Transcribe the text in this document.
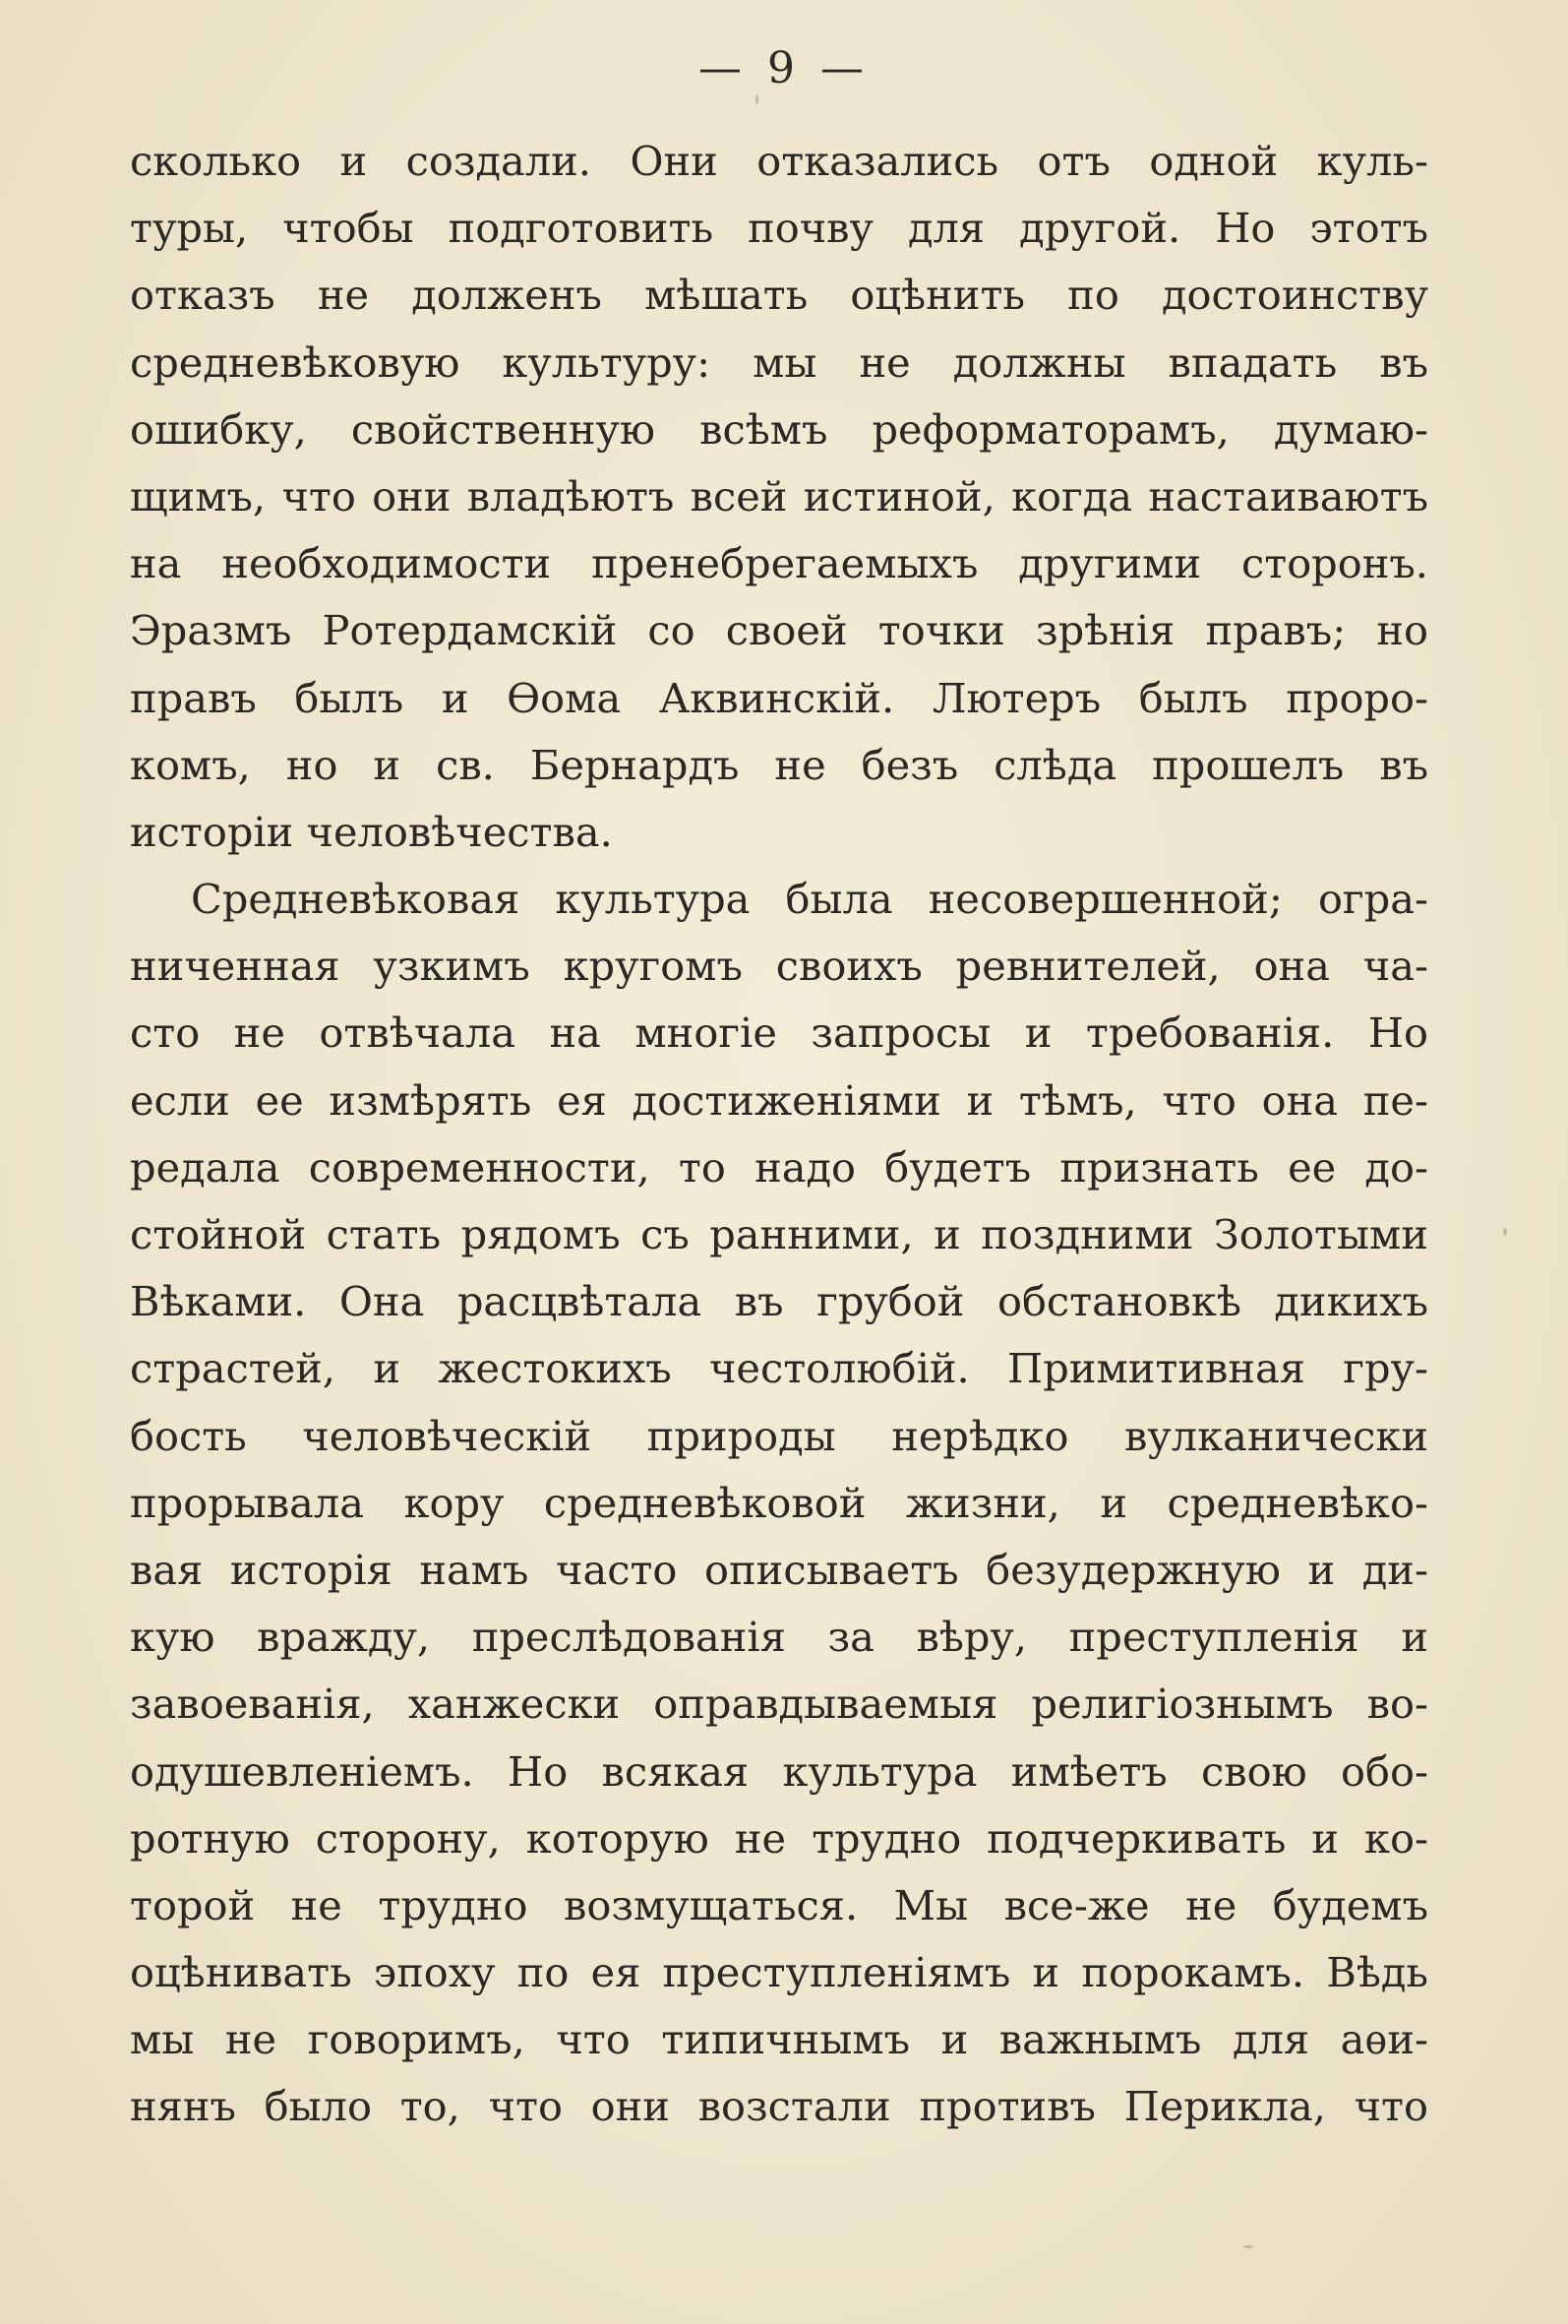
— 9 —
сколько и создали. Они отказались отъ одной куль-
туры, чтобы подготовить почву для другой. Но этотъ
отказъ не долженъ мѣшать оцѣнить по достоинству
средневѣковую культуру: мы не должны впадать въ
ошибку, свойственную всѣмъ реформаторамъ, думаю-
щимъ, что они владѣютъ всей истиной, когда настаиваютъ
на необходимости пренебрегаемыхъ другими сторонъ.
Эразмъ Ротердамскій со своей точки зрѣнія правъ; но
правъ былъ и Ѳома Аквинскій. Лютеръ былъ проро-
комъ, но и св. Бернардъ не безъ слѣда прошелъ въ
исторіи человѣчества.
Средневѣковая культура была несовершенной; огра-
ниченная узкимъ кругомъ своихъ ревнителей, она ча-
сто не отвѣчала на многіе запросы и требованія. Но
если ее измѣрять ея достиженіями и тѣмъ, что она пе-
редала современности, то надо будетъ признать ее до-
стойной стать рядомъ съ ранними, и поздними Золотыми
Вѣками. Она расцвѣтала въ грубой обстановкѣ дикихъ
страстей, и жестокихъ честолюбій. Примитивная гру-
бость человѣческій природы нерѣдко вулканически
прорывала кору средневѣковой жизни, и средневѣко-
вая исторія намъ часто описываетъ безудержную и ди-
кую вражду, преслѣдованія за вѣру, преступленія и
завоеванія, ханжески оправдываемыя религіознымъ во-
одушевленіемъ. Но всякая культура имѣетъ свою обо-
ротную сторону, которую не трудно подчеркивать и ко-
торой не трудно возмущаться. Мы все-же не будемъ
оцѣнивать эпоху по ея преступленіямъ и порокамъ. Вѣдь
мы не говоримъ, что типичнымъ и важнымъ для аѳи-
нянъ было то, что они возстали противъ Перикла, что
